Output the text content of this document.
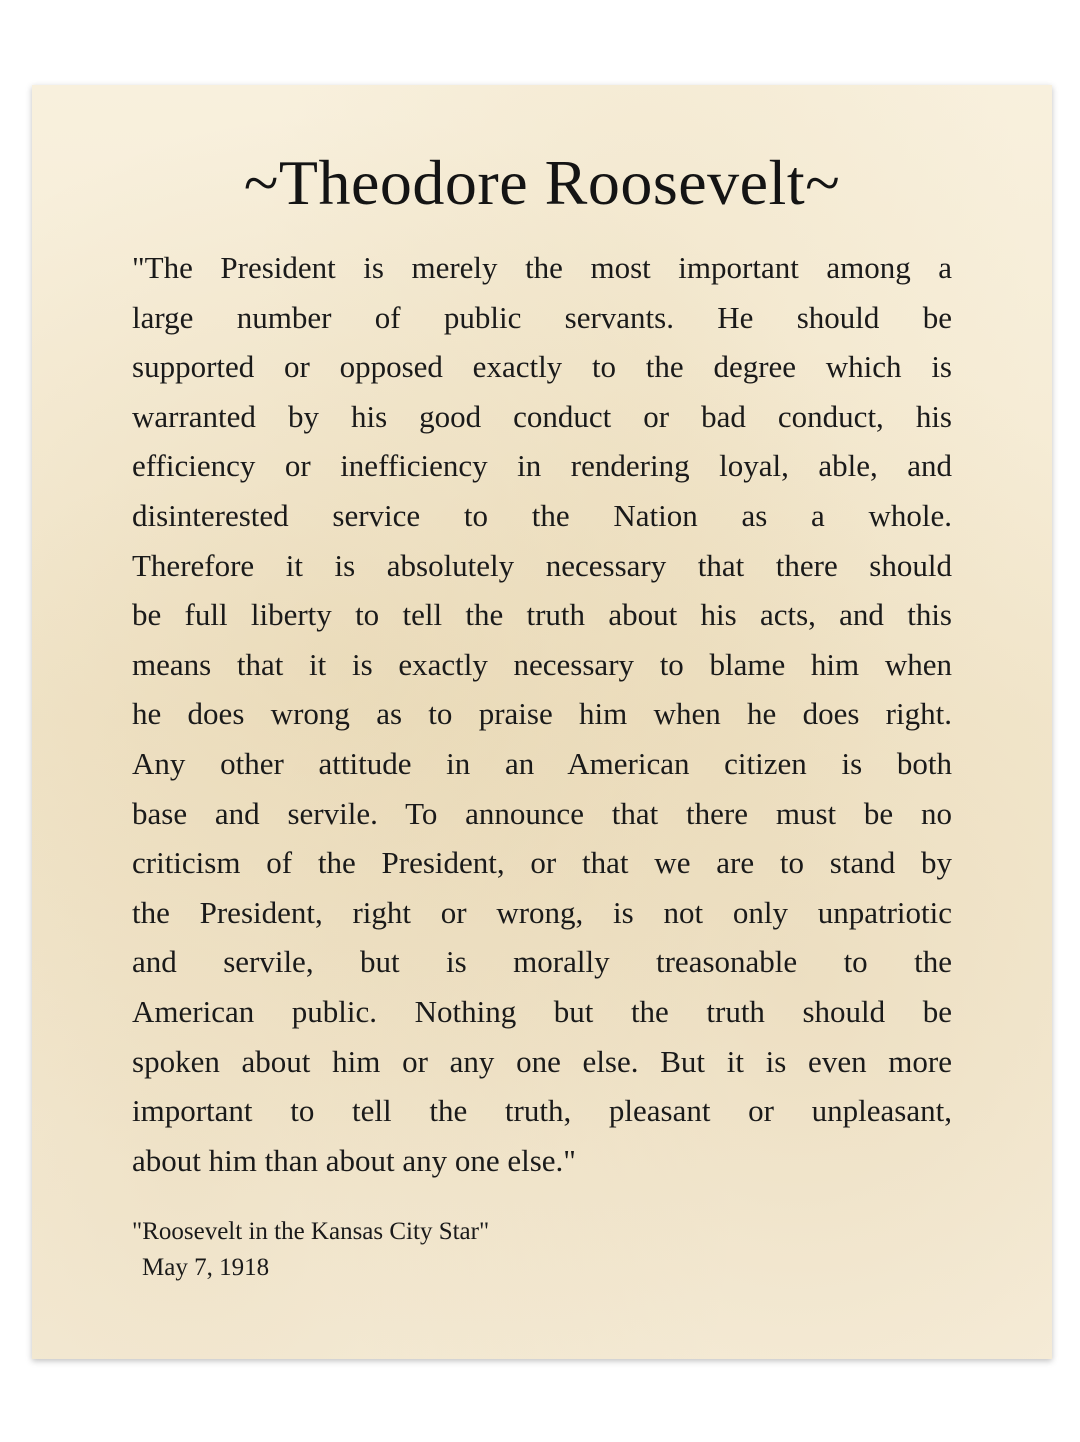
~Theodore Roosevelt~
"The President is merely the most important among a
large number of public servants. He should be
supported or opposed exactly to the degree which is
warranted by his good conduct or bad conduct, his
efficiency or inefficiency in rendering loyal, able, and
disinterested service to the Nation as a whole.
Therefore it is absolutely necessary that there should
be full liberty to tell the truth about his acts, and this
means that it is exactly necessary to blame him when
he does wrong as to praise him when he does right.
Any other attitude in an American citizen is both
base and servile. To announce that there must be no
criticism of the President, or that we are to stand by
the President, right or wrong, is not only unpatriotic
and servile, but is morally treasonable to the
American public. Nothing but the truth should be
spoken about him or any one else. But it is even more
important to tell the truth, pleasant or unpleasant,
about him than about any one else."
"Roosevelt in the Kansas City Star"
May 7, 1918
